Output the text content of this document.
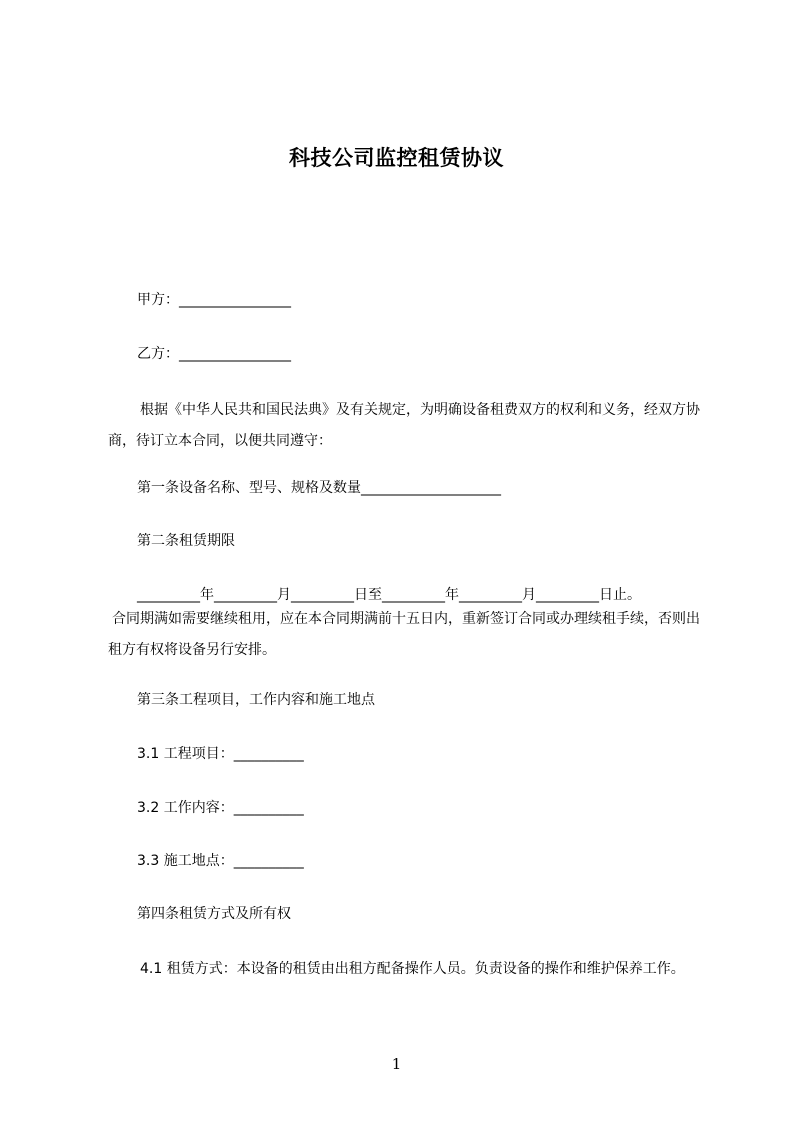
科技公司监控租赁协议
甲方：________________
乙方：________________
根据《中华人民共和国民法典》及有关规定，为明确设备租费双方的权利和义务，经双方协商，待订立本合同，以便共同遵守：
第一条设备名称、型号、规格及数量____________________
第二条租赁期限
_________年_________月_________日至_________年_________月_________日止。
合同期满如需要继续租用，应在本合同期满前十五日内，重新签订合同或办理续租手续，否则出租方有权将设备另行安排。
第三条工程项目，工作内容和施工地点
3.1 工程项目：__________
3.2 工作内容：__________
3.3 施工地点：__________
第四条租赁方式及所有权
4.1 租赁方式：本设备的租赁由出租方配备操作人员。负责设备的操作和维护保养工作。
1
